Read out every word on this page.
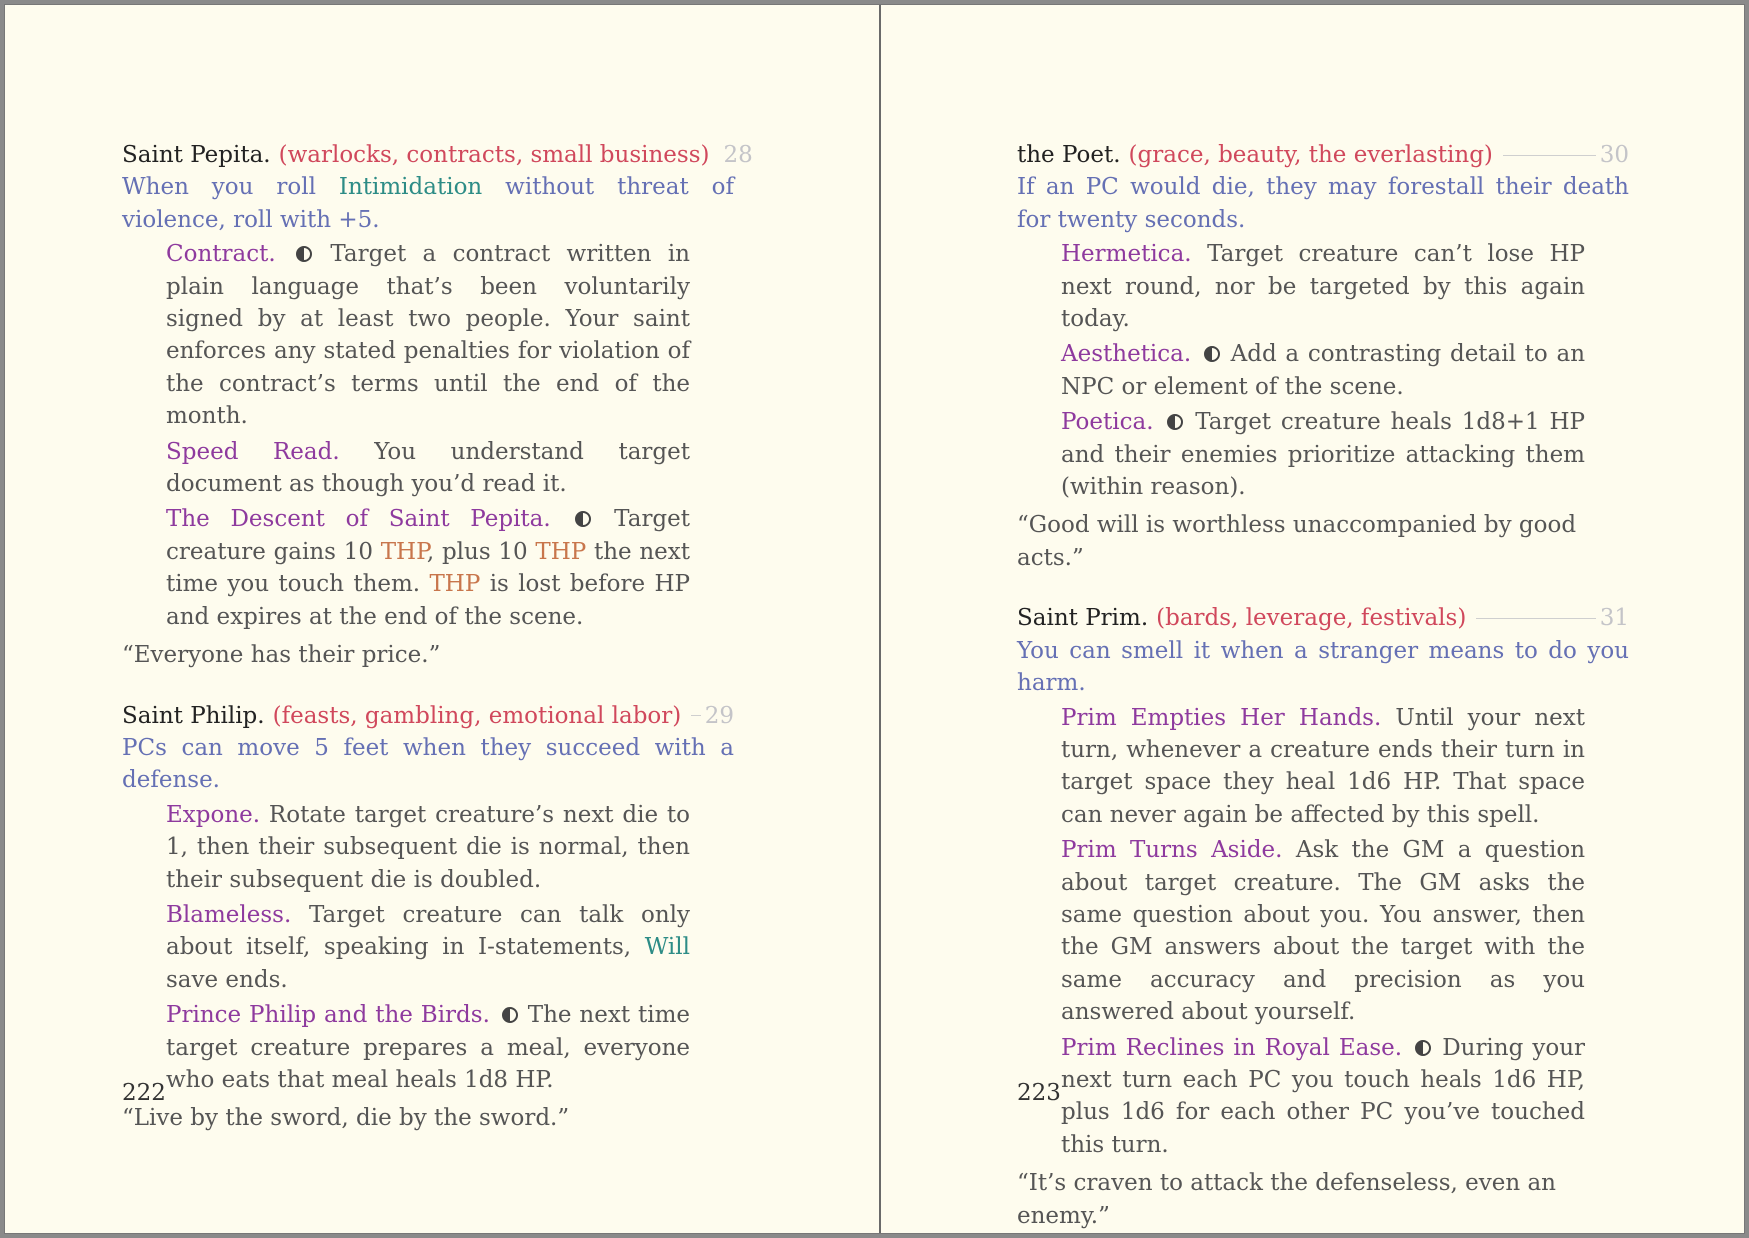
Saint Pepita . (warlocks, contracts, small business) 28

When you roll Intimidation without threat of violence, roll with +5.

Contract. Target a contract written in plain language that’s been voluntarily signed by at least two people. Your saint enforces any stated penalties for violation of the contract’s terms until the end of the month.

Speed Read. You understand target document as though you’d read it.

The Descent of Saint Pepita.	Target creature gains 10 THP, plus 10 THP the next time you touch them. THP is lost before HP and expires at the end of the scene.

“Everyone has their price.”

Saint Philip . (feasts, gambling, emotional labor) 29

PCs can move 5 feet when they succeed with a defense.

Expone. Rotate target creature’s next die to 1, then their subsequent die is normal, then their subsequent die is doubled.

Blameless. Target creature can talk only about itself, speaking in I-statements, Will save ends.

Prince Philip and the Birds. The next time target creature prepares a meal, everyone who eats that meal heals 1d8 HP.

“Live by the sword, die by the sword.”

222
the Poet . (grace, beauty, the everlasting)	30

If an PC would die, they may forestall their death for twenty seconds.

Hermetica. Target creature can’t lose HP next round, nor be targeted by this again today.

Aesthetica. Add a contrasting detail to an NPC or element of the scene.

Poetica. Target creature heals 1d8+1 HP and their enemies prioritize attacking them (within reason).

“Good will is worthless unaccompanied by good acts.”

Saint Prim . (bards, leverage, festivals)	31

You can smell it when a stranger means to do you harm.

Prim Empties Her Hands. Until your next turn, whenever a creature ends their turn in target space they heal 1d6 HP. That space can never again be affected by this spell.

Prim Turns Aside. Ask the GM a question about target creature. The GM asks the same question about you. You answer, then the GM answers about the target with the same accuracy and precision as you answered about yourself.

Prim Reclines in Royal Ease. During your next turn each PC you touch heals 1d6 HP, plus 1d6 for each other PC you’ve touched this turn.

“It’s craven to attack the defenseless, even an enemy.”

223
